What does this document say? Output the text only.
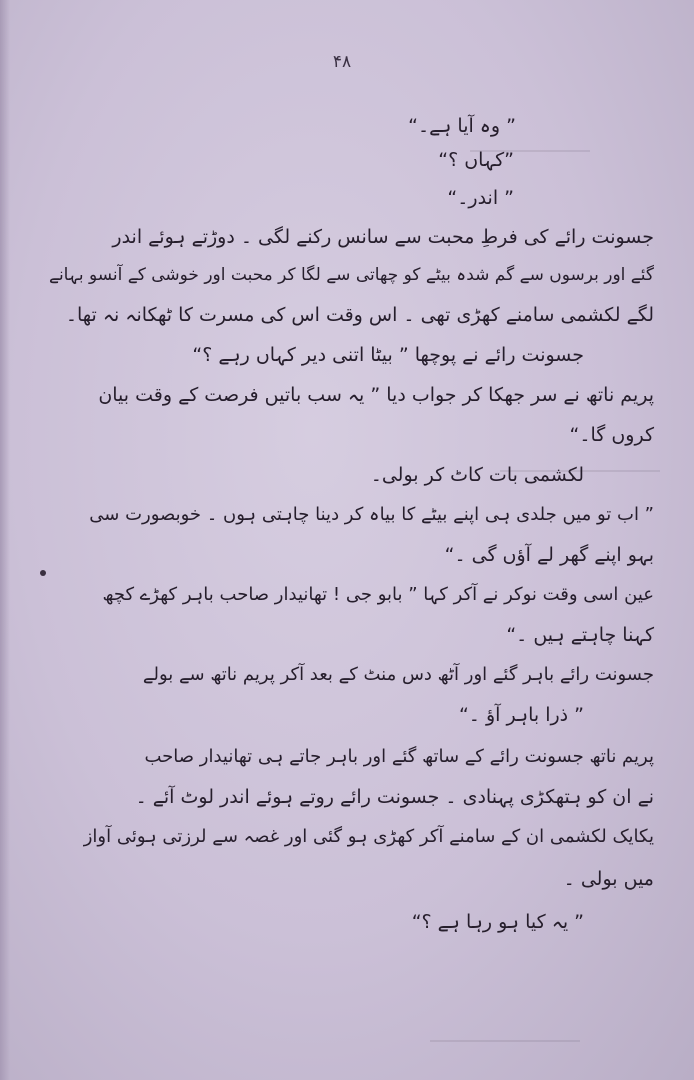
۴۸
” وہ آیا ہے۔“
”کہاں ؟“
” اندر۔“
جسونت رائے کی فرطِ محبت سے سانس رکنے لگی ۔ دوڑتے ہوئے اندر
گئے اور برسوں سے گم شدہ بیٹے کو چھاتی سے لگا کر محبت اور خوشی کے آنسو بہانے
لگے لکشمی سامنے کھڑی تھی ۔ اس وقت اس کی مسرت کا ٹھکانہ نہ تھا۔
جسونت رائے نے پوچھا ” بیٹا اتنی دیر کہاں رہے ؟“
پریم ناتھ نے سر جھکا کر جواب دیا ” یہ سب باتیں فرصت کے وقت بیان
کروں گا۔“
لکشمی بات کاٹ کر بولی۔
” اب تو میں جلدی ہی اپنے بیٹے کا بیاہ کر دینا چاہتی ہوں ۔ خوبصورت سی
بہو اپنے گھر لے آؤں گی ۔“
عین اسی وقت نوکر نے آکر کہا ” بابو جی ! تھانیدار صاحب باہر کھڑے کچھ
کہنا چاہتے ہیں ۔“
جسونت رائے باہر گئے اور آٹھ دس منٹ کے بعد آکر پریم ناتھ سے بولے
” ذرا باہر آؤ ۔“
پریم ناتھ جسونت رائے کے ساتھ گئے اور باہر جاتے ہی تھانیدار صاحب
نے ان کو ہتھکڑی پہنادی ۔ جسونت رائے روتے ہوئے اندر لوٹ آئے ۔
یکایک لکشمی ان کے سامنے آکر کھڑی ہو گئی اور غصہ سے لرزتی ہوئی آواز
میں بولی ۔
” یہ کیا ہو رہا ہے ؟“
